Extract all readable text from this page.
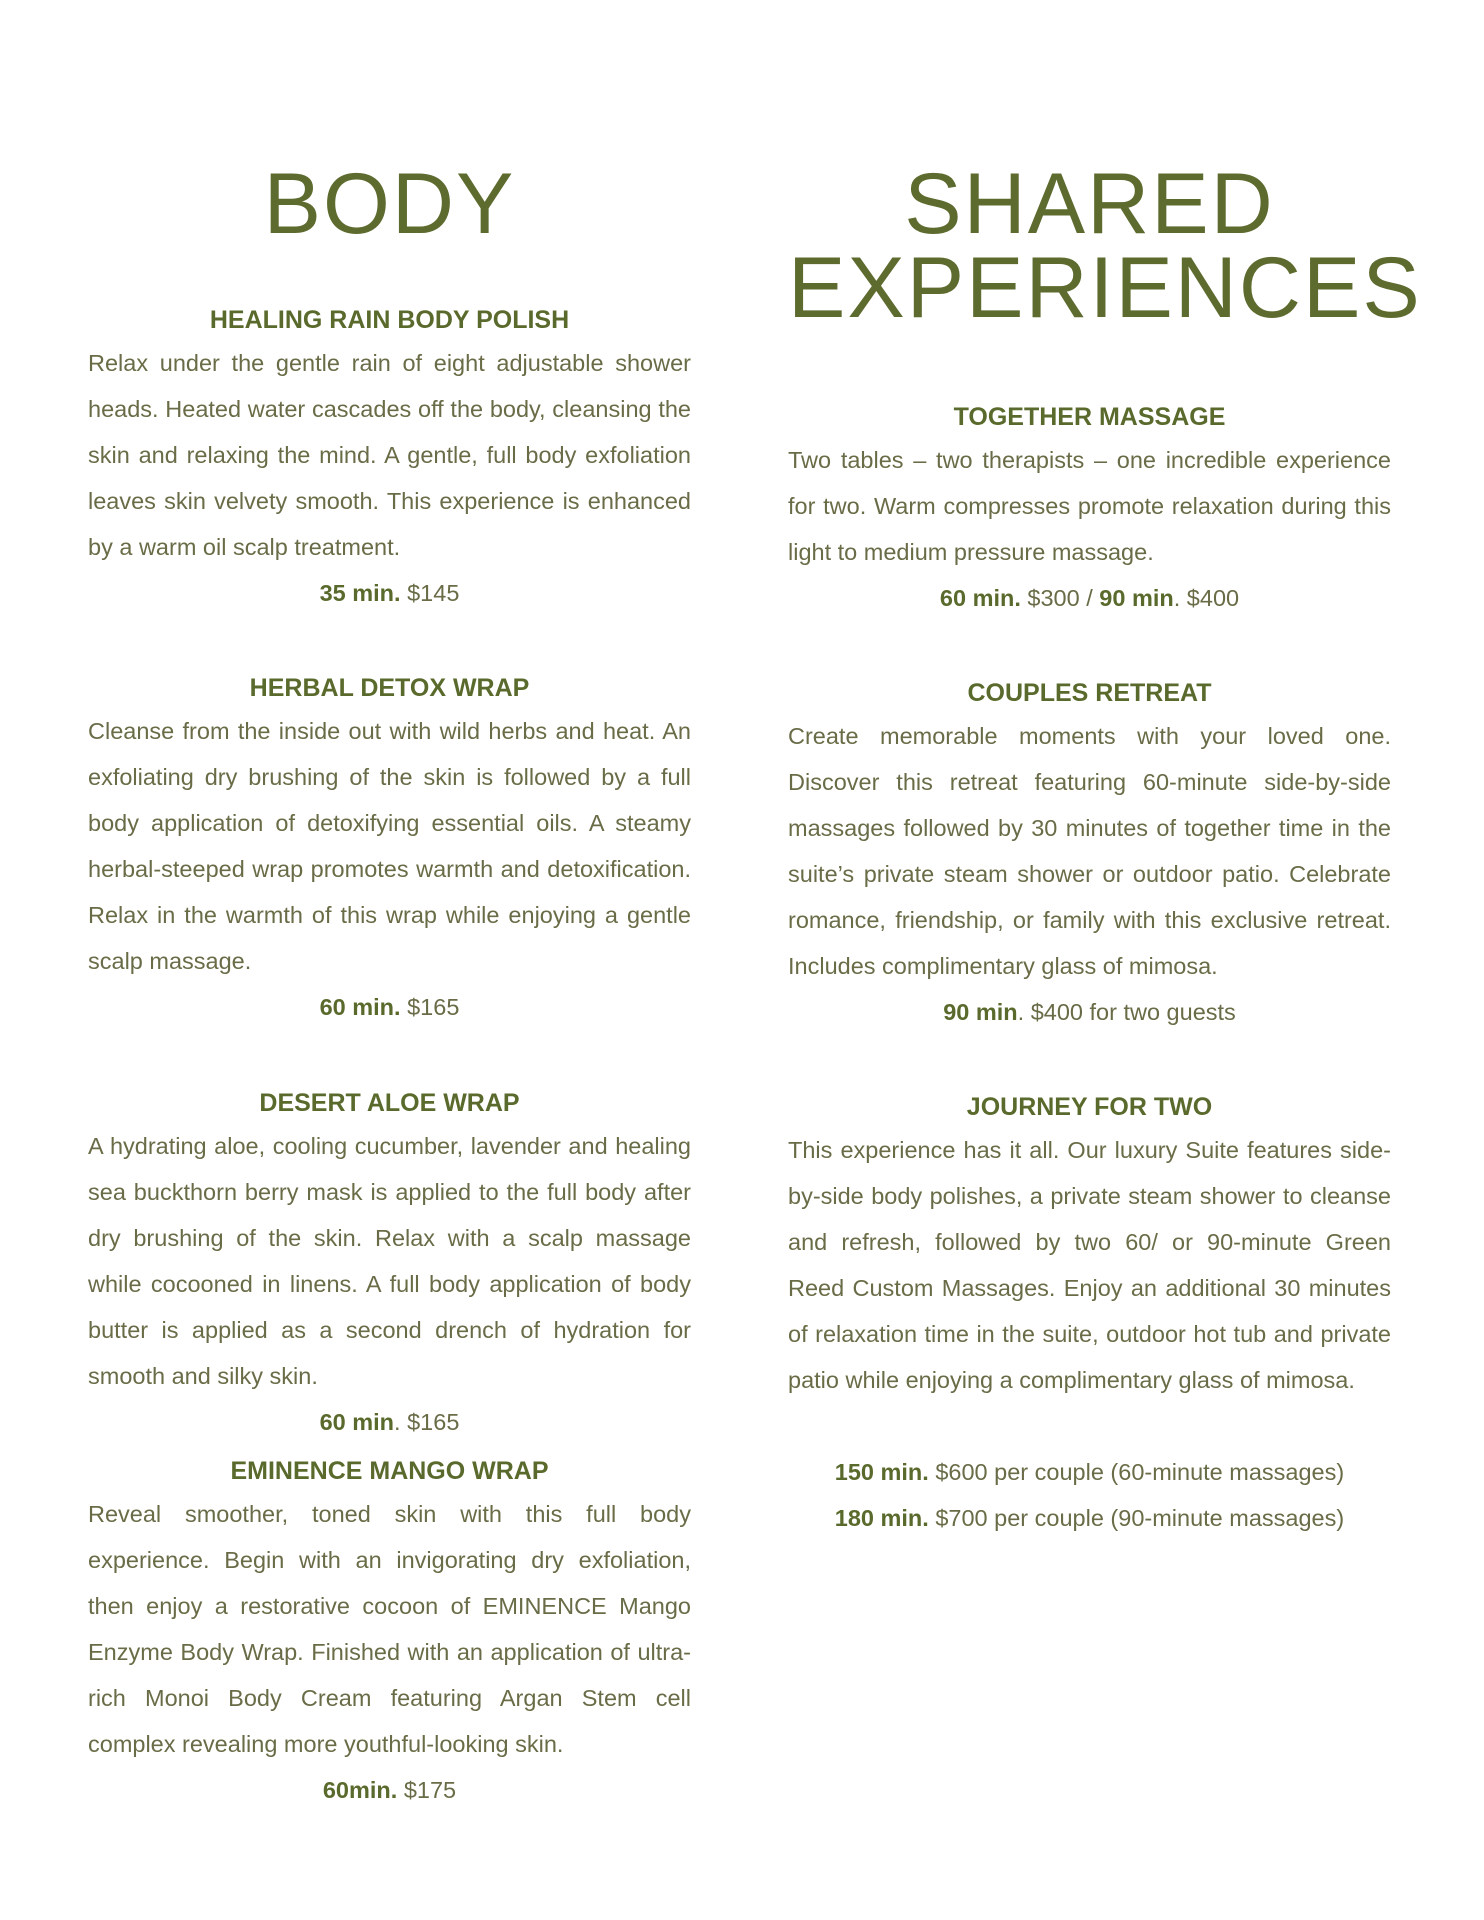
BODY
HEALING RAIN BODY POLISH

Relax under the gentle rain of eight adjustable shower heads. Heated water cascades off the body, cleansing the skin and relaxing the mind. A gentle, full body exfoliation leaves skin velvety smooth. This experience is enhanced by a warm oil scalp treatment.

35 min. $145

HERBAL DETOX WRAP

Cleanse from the inside out with wild herbs and heat. An exfoliating dry brushing of the skin is followed by a full body application of detoxifying essential oils. A steamy herbal-steeped wrap promotes warmth and detoxification. Relax in the warmth of this wrap while enjoying a gentle scalp massage.

60 min. $165

DESERT ALOE WRAP

A hydrating aloe, cooling cucumber, lavender and healing sea buckthorn berry mask is applied to the full body after dry brushing of the skin. Relax with a scalp massage while cocooned in linens. A full body application of body butter is applied as a second drench of hydration for smooth and silky skin.

60 min. $165

EMINENCE MANGO WRAP

Reveal smoother, toned skin with this full body experience. Begin with an invigorating dry exfoliation, then enjoy a restorative cocoon of EMINENCE Mango Enzyme Body Wrap. Finished with an application of ultra-rich Monoi Body Cream featuring Argan Stem cell complex revealing more youthful-looking skin.

60min. $175

SHARED
EXPERIENCES
TOGETHER MASSAGE

Two tables – two therapists – one incredible experience for two. Warm compresses promote relaxation during this light to medium pressure massage.

60 min. $300 / 90 min. $400

COUPLES RETREAT

Create memorable moments with your loved one. Discover this retreat featuring 60-minute side-by-side massages followed by 30 minutes of together time in the suite’s private steam shower or outdoor patio. Celebrate romance, friendship, or family with this exclusive retreat. Includes complimentary glass of mimosa.

90 min. $400 for two guests

JOURNEY FOR TWO

This experience has it all. Our luxury Suite features side-by-side body polishes, a private steam shower to cleanse and refresh, followed by two 60/ or 90-minute Green Reed Custom Massages. Enjoy an additional 30 minutes of relaxation time in the suite, outdoor hot tub and private patio while enjoying a complimentary glass of mimosa.

150 min. $600 per couple (60-minute massages)

180 min. $700 per couple (90-minute massages)
